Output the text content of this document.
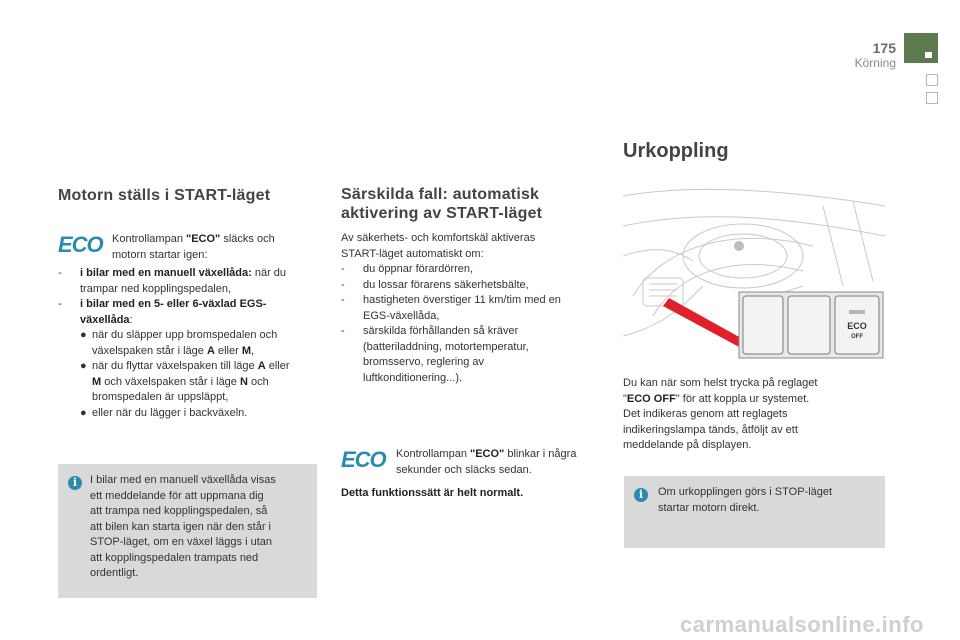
175
Körning
Motorn ställs i START-läget
ECO Kontrollampan "ECO" släcks och
motorn startar igen:
-	i bilar med en manuell växellåda: när du
trampar ned kopplingspedalen,
-	i bilar med en 5- eller 6-växlad EGS-
växellåda:
● när du släpper upp bromspedalen och
växelspaken står i läge A eller M,
● när du flyttar växelspaken till läge A eller
M och växelspaken står i läge N och
bromspedalen är uppsläppt,
● eller när du lägger i backväxeln.
i	I bilar med en manuell växellåda visas
ett meddelande för att uppmana dig
att trampa ned kopplingspedalen, så
att bilen kan starta igen när den står i
STOP-läget, om en växel läggs i utan
att kopplingspedalen trampats ned
ordentligt.
Särskilda fall: automatisk
aktivering av START-läget
Av säkerhets- och komfortskäl aktiveras
START-läget automatiskt om:
-	du öppnar förardörren,
-	du lossar förarens säkerhetsbälte,
-	hastigheten överstiger 11 km/tim med en
EGS-växellåda,
-	särskilda förhållanden så kräver
(batteriladdning, motortemperatur,
bromsservo, reglering av
luftkonditionering...).
ECO Kontrollampan "ECO" blinkar i några
sekunder och släcks sedan.
Detta funktionssätt är helt normalt.
Urkoppling
ECO
OFF
Du kan när som helst trycka på reglaget
"ECO OFF" för att koppla ur systemet.
Det indikeras genom att reglagets
indikeringslampa tänds, åtföljt av ett
meddelande på displayen.
i	Om urkopplingen görs i STOP-läget
startar motorn direkt.
carmanualsonline.info
